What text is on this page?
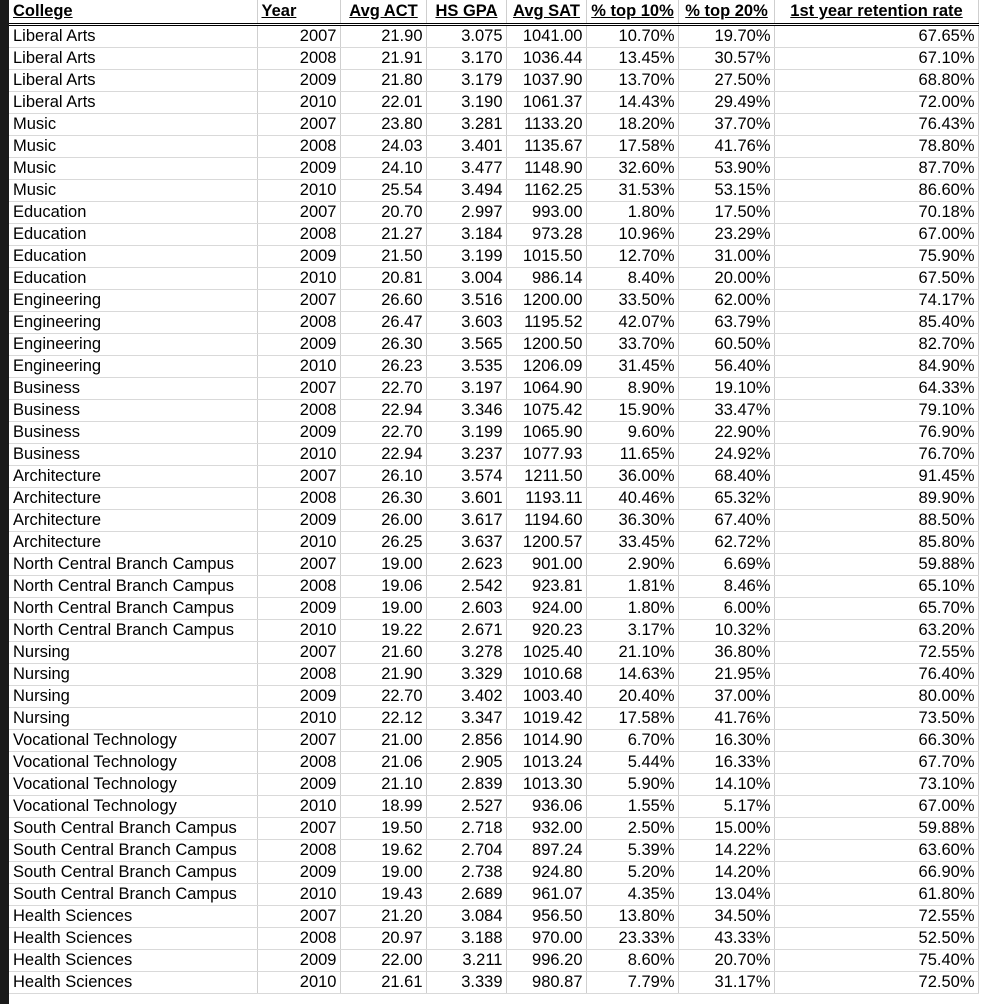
College	Year	Avg ACT	HS GPA	Avg SAT	% top 10%	% top 20%	1st year retention rate
Liberal Arts	2007	21.90	3.075	1041.00	10.70%	19.70%	67.65%
Liberal Arts	2008	21.91	3.170	1036.44	13.45%	30.57%	67.10%
Liberal Arts	2009	21.80	3.179	1037.90	13.70%	27.50%	68.80%
Liberal Arts	2010	22.01	3.190	1061.37	14.43%	29.49%	72.00%
Music	2007	23.80	3.281	1133.20	18.20%	37.70%	76.43%
Music	2008	24.03	3.401	1135.67	17.58%	41.76%	78.80%
Music	2009	24.10	3.477	1148.90	32.60%	53.90%	87.70%
Music	2010	25.54	3.494	1162.25	31.53%	53.15%	86.60%
Education	2007	20.70	2.997	993.00	1.80%	17.50%	70.18%
Education	2008	21.27	3.184	973.28	10.96%	23.29%	67.00%
Education	2009	21.50	3.199	1015.50	12.70%	31.00%	75.90%
Education	2010	20.81	3.004	986.14	8.40%	20.00%	67.50%
Engineering	2007	26.60	3.516	1200.00	33.50%	62.00%	74.17%
Engineering	2008	26.47	3.603	1195.52	42.07%	63.79%	85.40%
Engineering	2009	26.30	3.565	1200.50	33.70%	60.50%	82.70%
Engineering	2010	26.23	3.535	1206.09	31.45%	56.40%	84.90%
Business	2007	22.70	3.197	1064.90	8.90%	19.10%	64.33%
Business	2008	22.94	3.346	1075.42	15.90%	33.47%	79.10%
Business	2009	22.70	3.199	1065.90	9.60%	22.90%	76.90%
Business	2010	22.94	3.237	1077.93	11.65%	24.92%	76.70%
Architecture	2007	26.10	3.574	1211.50	36.00%	68.40%	91.45%
Architecture	2008	26.30	3.601	1193.11	40.46%	65.32%	89.90%
Architecture	2009	26.00	3.617	1194.60	36.30%	67.40%	88.50%
Architecture	2010	26.25	3.637	1200.57	33.45%	62.72%	85.80%
North Central Branch Campus	2007	19.00	2.623	901.00	2.90%	6.69%	59.88%
North Central Branch Campus	2008	19.06	2.542	923.81	1.81%	8.46%	65.10%
North Central Branch Campus	2009	19.00	2.603	924.00	1.80%	6.00%	65.70%
North Central Branch Campus	2010	19.22	2.671	920.23	3.17%	10.32%	63.20%
Nursing	2007	21.60	3.278	1025.40	21.10%	36.80%	72.55%
Nursing	2008	21.90	3.329	1010.68	14.63%	21.95%	76.40%
Nursing	2009	22.70	3.402	1003.40	20.40%	37.00%	80.00%
Nursing	2010	22.12	3.347	1019.42	17.58%	41.76%	73.50%
Vocational Technology	2007	21.00	2.856	1014.90	6.70%	16.30%	66.30%
Vocational Technology	2008	21.06	2.905	1013.24	5.44%	16.33%	67.70%
Vocational Technology	2009	21.10	2.839	1013.30	5.90%	14.10%	73.10%
Vocational Technology	2010	18.99	2.527	936.06	1.55%	5.17%	67.00%
South Central Branch Campus	2007	19.50	2.718	932.00	2.50%	15.00%	59.88%
South Central Branch Campus	2008	19.62	2.704	897.24	5.39%	14.22%	63.60%
South Central Branch Campus	2009	19.00	2.738	924.80	5.20%	14.20%	66.90%
South Central Branch Campus	2010	19.43	2.689	961.07	4.35%	13.04%	61.80%
Health Sciences	2007	21.20	3.084	956.50	13.80%	34.50%	72.55%
Health Sciences	2008	20.97	3.188	970.00	23.33%	43.33%	52.50%
Health Sciences	2009	22.00	3.211	996.20	8.60%	20.70%	75.40%
Health Sciences	2010	21.61	3.339	980.87	7.79%	31.17%	72.50%
